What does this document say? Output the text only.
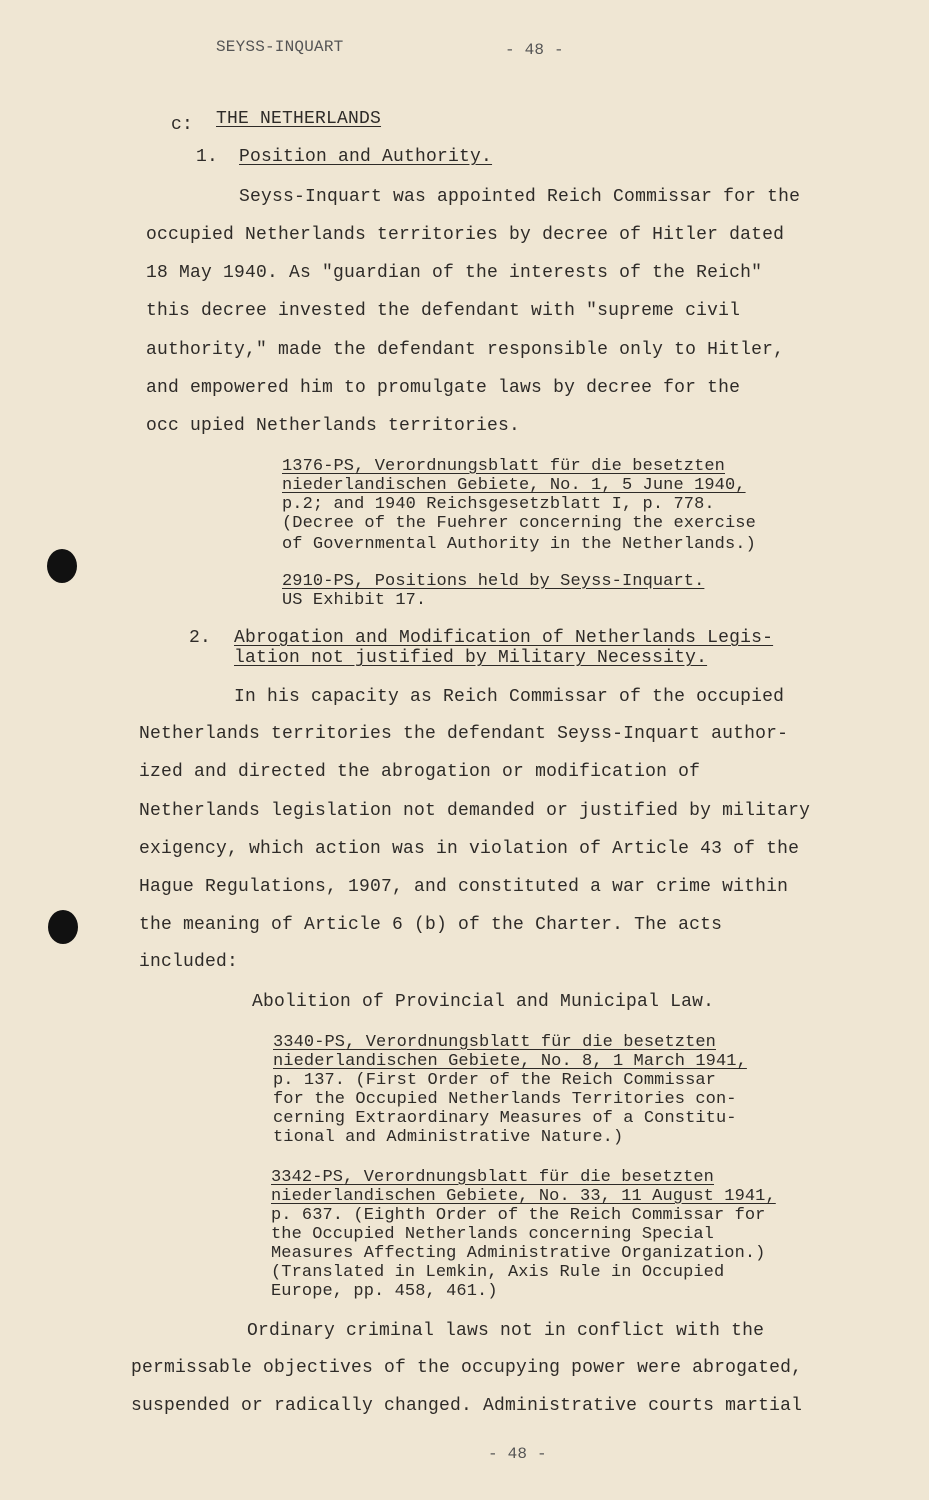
SEYSS-INQUART	- 48 -
c: THE NETHERLANDS
1. Position and Authority.
Seyss-Inquart was appointed Reich Commissar for the
occupied Netherlands territories by decree of Hitler dated
18 May 1940. As "guardian of the interests of the Reich"
this decree invested the defendant with "supreme civil
authority," made the defendant responsible only to Hitler,
and empowered him to promulgate laws by decree for the
occ upied Netherlands territories.
1376-PS, Verordnungsblatt für die besetzten
niederlandischen Gebiete, No. 1, 5 June 1940,
p.2; and 1940 Reichsgesetzblatt I, p. 778.
(Decree of the Fuehrer concerning the exercise
of Governmental Authority in the Netherlands.)
2910-PS, Positions held by Seyss-Inquart.
US Exhibit 17.
2. Abrogation and Modification of Netherlands Legis-
lation not justified by Military Necessity.
In his capacity as Reich Commissar of the occupied
Netherlands territories the defendant Seyss-Inquart author-
ized and directed the abrogation or modification of
Netherlands legislation not demanded or justified by military
exigency, which action was in violation of Article 43 of the
Hague Regulations, 1907, and constituted a war crime within
the meaning of Article 6 (b) of the Charter. The acts
included:
Abolition of Provincial and Municipal Law.
3340-PS, Verordnungsblatt für die besetzten
niederlandischen Gebiete, No. 8, 1 March 1941,
p. 137. (First Order of the Reich Commissar
for the Occupied Netherlands Territories con-
cerning Extraordinary Measures of a Constitu-
tional and Administrative Nature.)
3342-PS, Verordnungsblatt für die besetzten
niederlandischen Gebiete, No. 33, 11 August 1941,
p. 637. (Eighth Order of the Reich Commissar for
the Occupied Netherlands concerning Special
Measures Affecting Administrative Organization.)
(Translated in Lemkin, Axis Rule in Occupied
Europe, pp. 458, 461.)
Ordinary criminal laws not in conflict with the
permissable objectives of the occupying power were abrogated,
suspended or radically changed. Administrative courts martial
- 48 -
